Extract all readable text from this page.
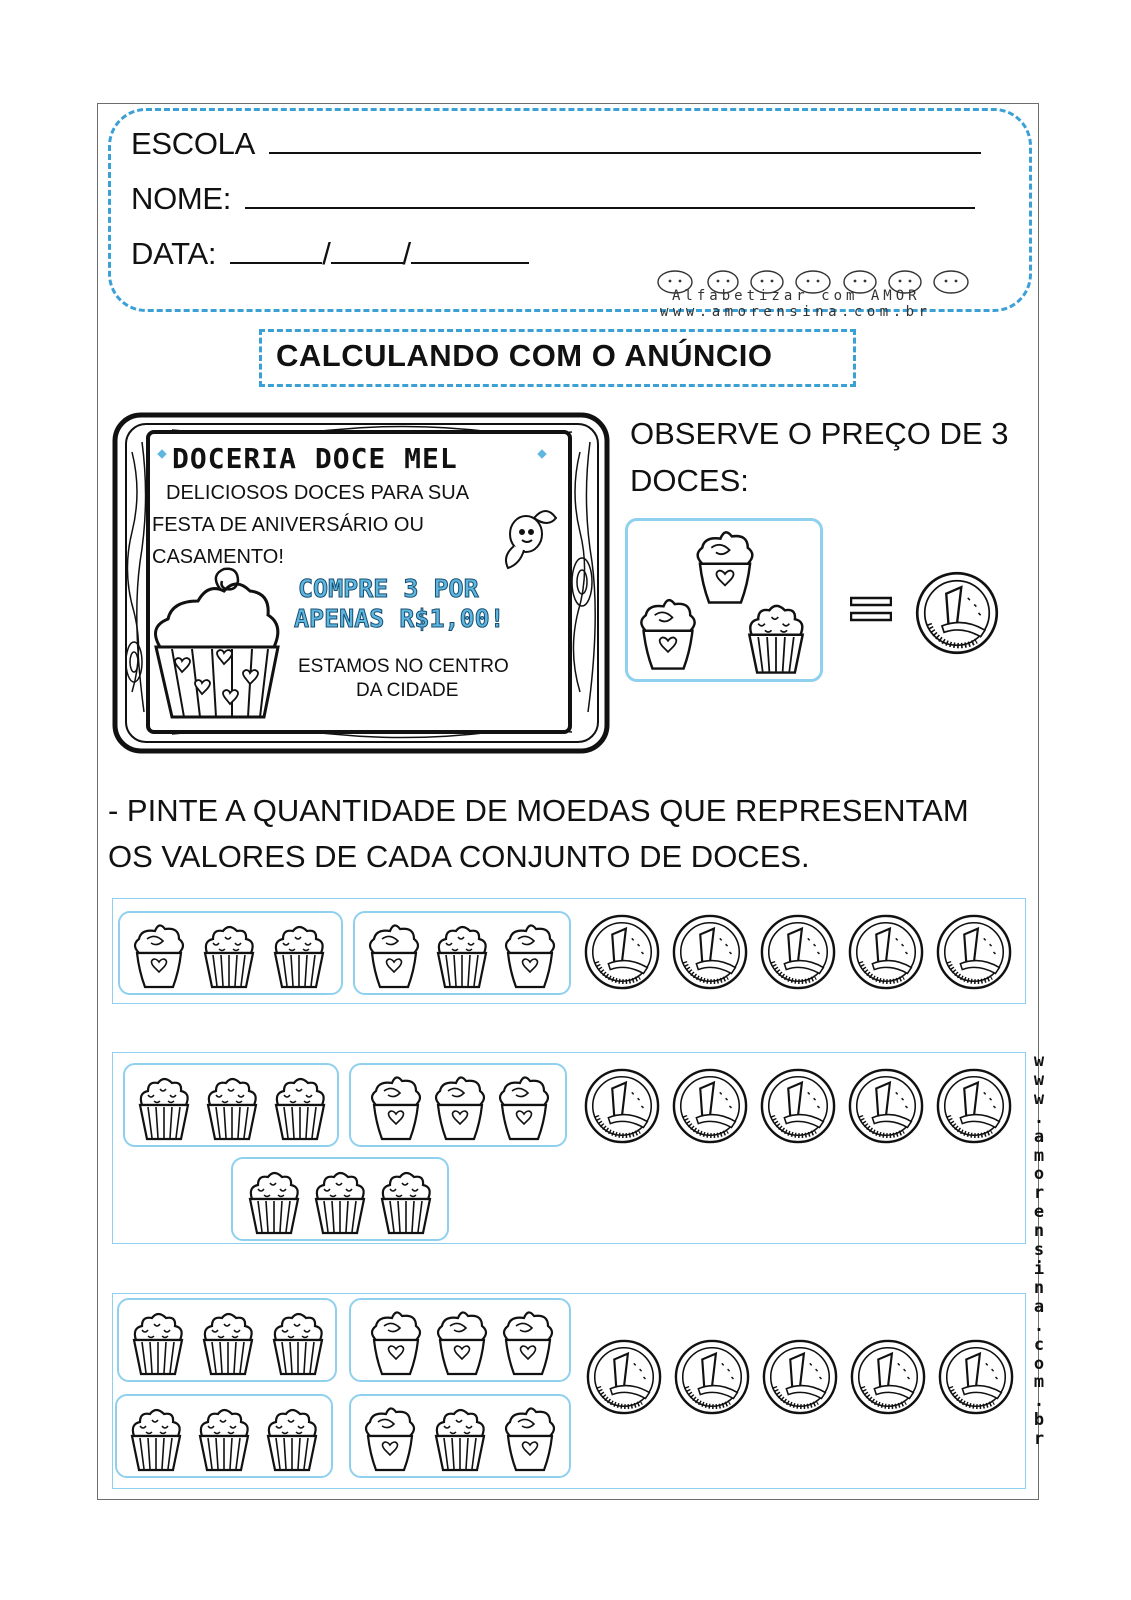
ESCOLA
NOME:
DATA:	/ /
Alfabetizar com AMOR
www.amorensina.com.br
CALCULANDO COM O ANÚNCIO
DOCERIA DOCE MEL
DELICIOSOS DOCES PARA SUA
FESTA DE ANIVERSÁRIO OU
CASAMENTO!
COMPRE 3 POR
APENAS R$1,00!
ESTAMOS NO CENTRO
DA CIDADE
OBSERVE O PREÇO DE 3
DOCES:
- PINTE A QUANTIDADE DE MOEDAS QUE REPRESENTAM
OS VALORES DE CADA CONJUNTO DE DOCES.
w
w
w
.
a
m
o
r
e
n
s
i
n
a
.
c
o
m
.
b
r
